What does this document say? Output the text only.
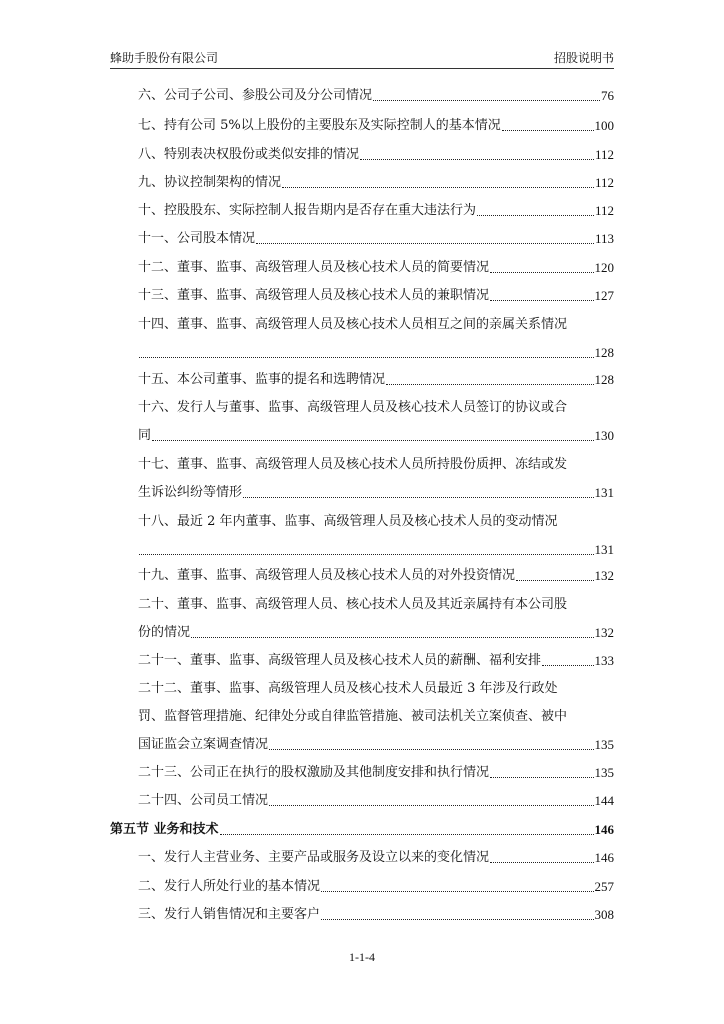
蜂助手股份有限公司	招股说明书
六、公司子公司、参股公司及分公司情况	76
七、持有公司 5%以上股份的主要股东及实际控制人的基本情况	100
八、特别表决权股份或类似安排的情况	112
九、协议控制架构的情况	112
十、控股股东、实际控制人报告期内是否存在重大违法行为	112
十一、公司股本情况	113
十二、董事、监事、高级管理人员及核心技术人员的简要情况	120
十三、董事、监事、高级管理人员及核心技术人员的兼职情况	127
十四、董事、监事、高级管理人员及核心技术人员相互之间的亲属关系情况
128
十五、本公司董事、监事的提名和选聘情况	128
十六、发行人与董事、监事、高级管理人员及核心技术人员签订的协议或合
同	130
十七、董事、监事、高级管理人员及核心技术人员所持股份质押、冻结或发
生诉讼纠纷等情形	131
十八、最近 2 年内董事、监事、高级管理人员及核心技术人员的变动情况
131
十九、董事、监事、高级管理人员及核心技术人员的对外投资情况	132
二十、董事、监事、高级管理人员、核心技术人员及其近亲属持有本公司股
份的情况	132
二十一、董事、监事、高级管理人员及核心技术人员的薪酬、福利安排	133
二十二、董事、监事、高级管理人员及核心技术人员最近 3 年涉及行政处
罚、监督管理措施、纪律处分或自律监管措施、被司法机关立案侦查、被中
国证监会立案调查情况	135
二十三、公司正在执行的股权激励及其他制度安排和执行情况	135
二十四、公司员工情况	144
第五节 业务和技术	146
一、发行人主营业务、主要产品或服务及设立以来的变化情况	146
二、发行人所处行业的基本情况	257
三、发行人销售情况和主要客户	308
1-1-4
